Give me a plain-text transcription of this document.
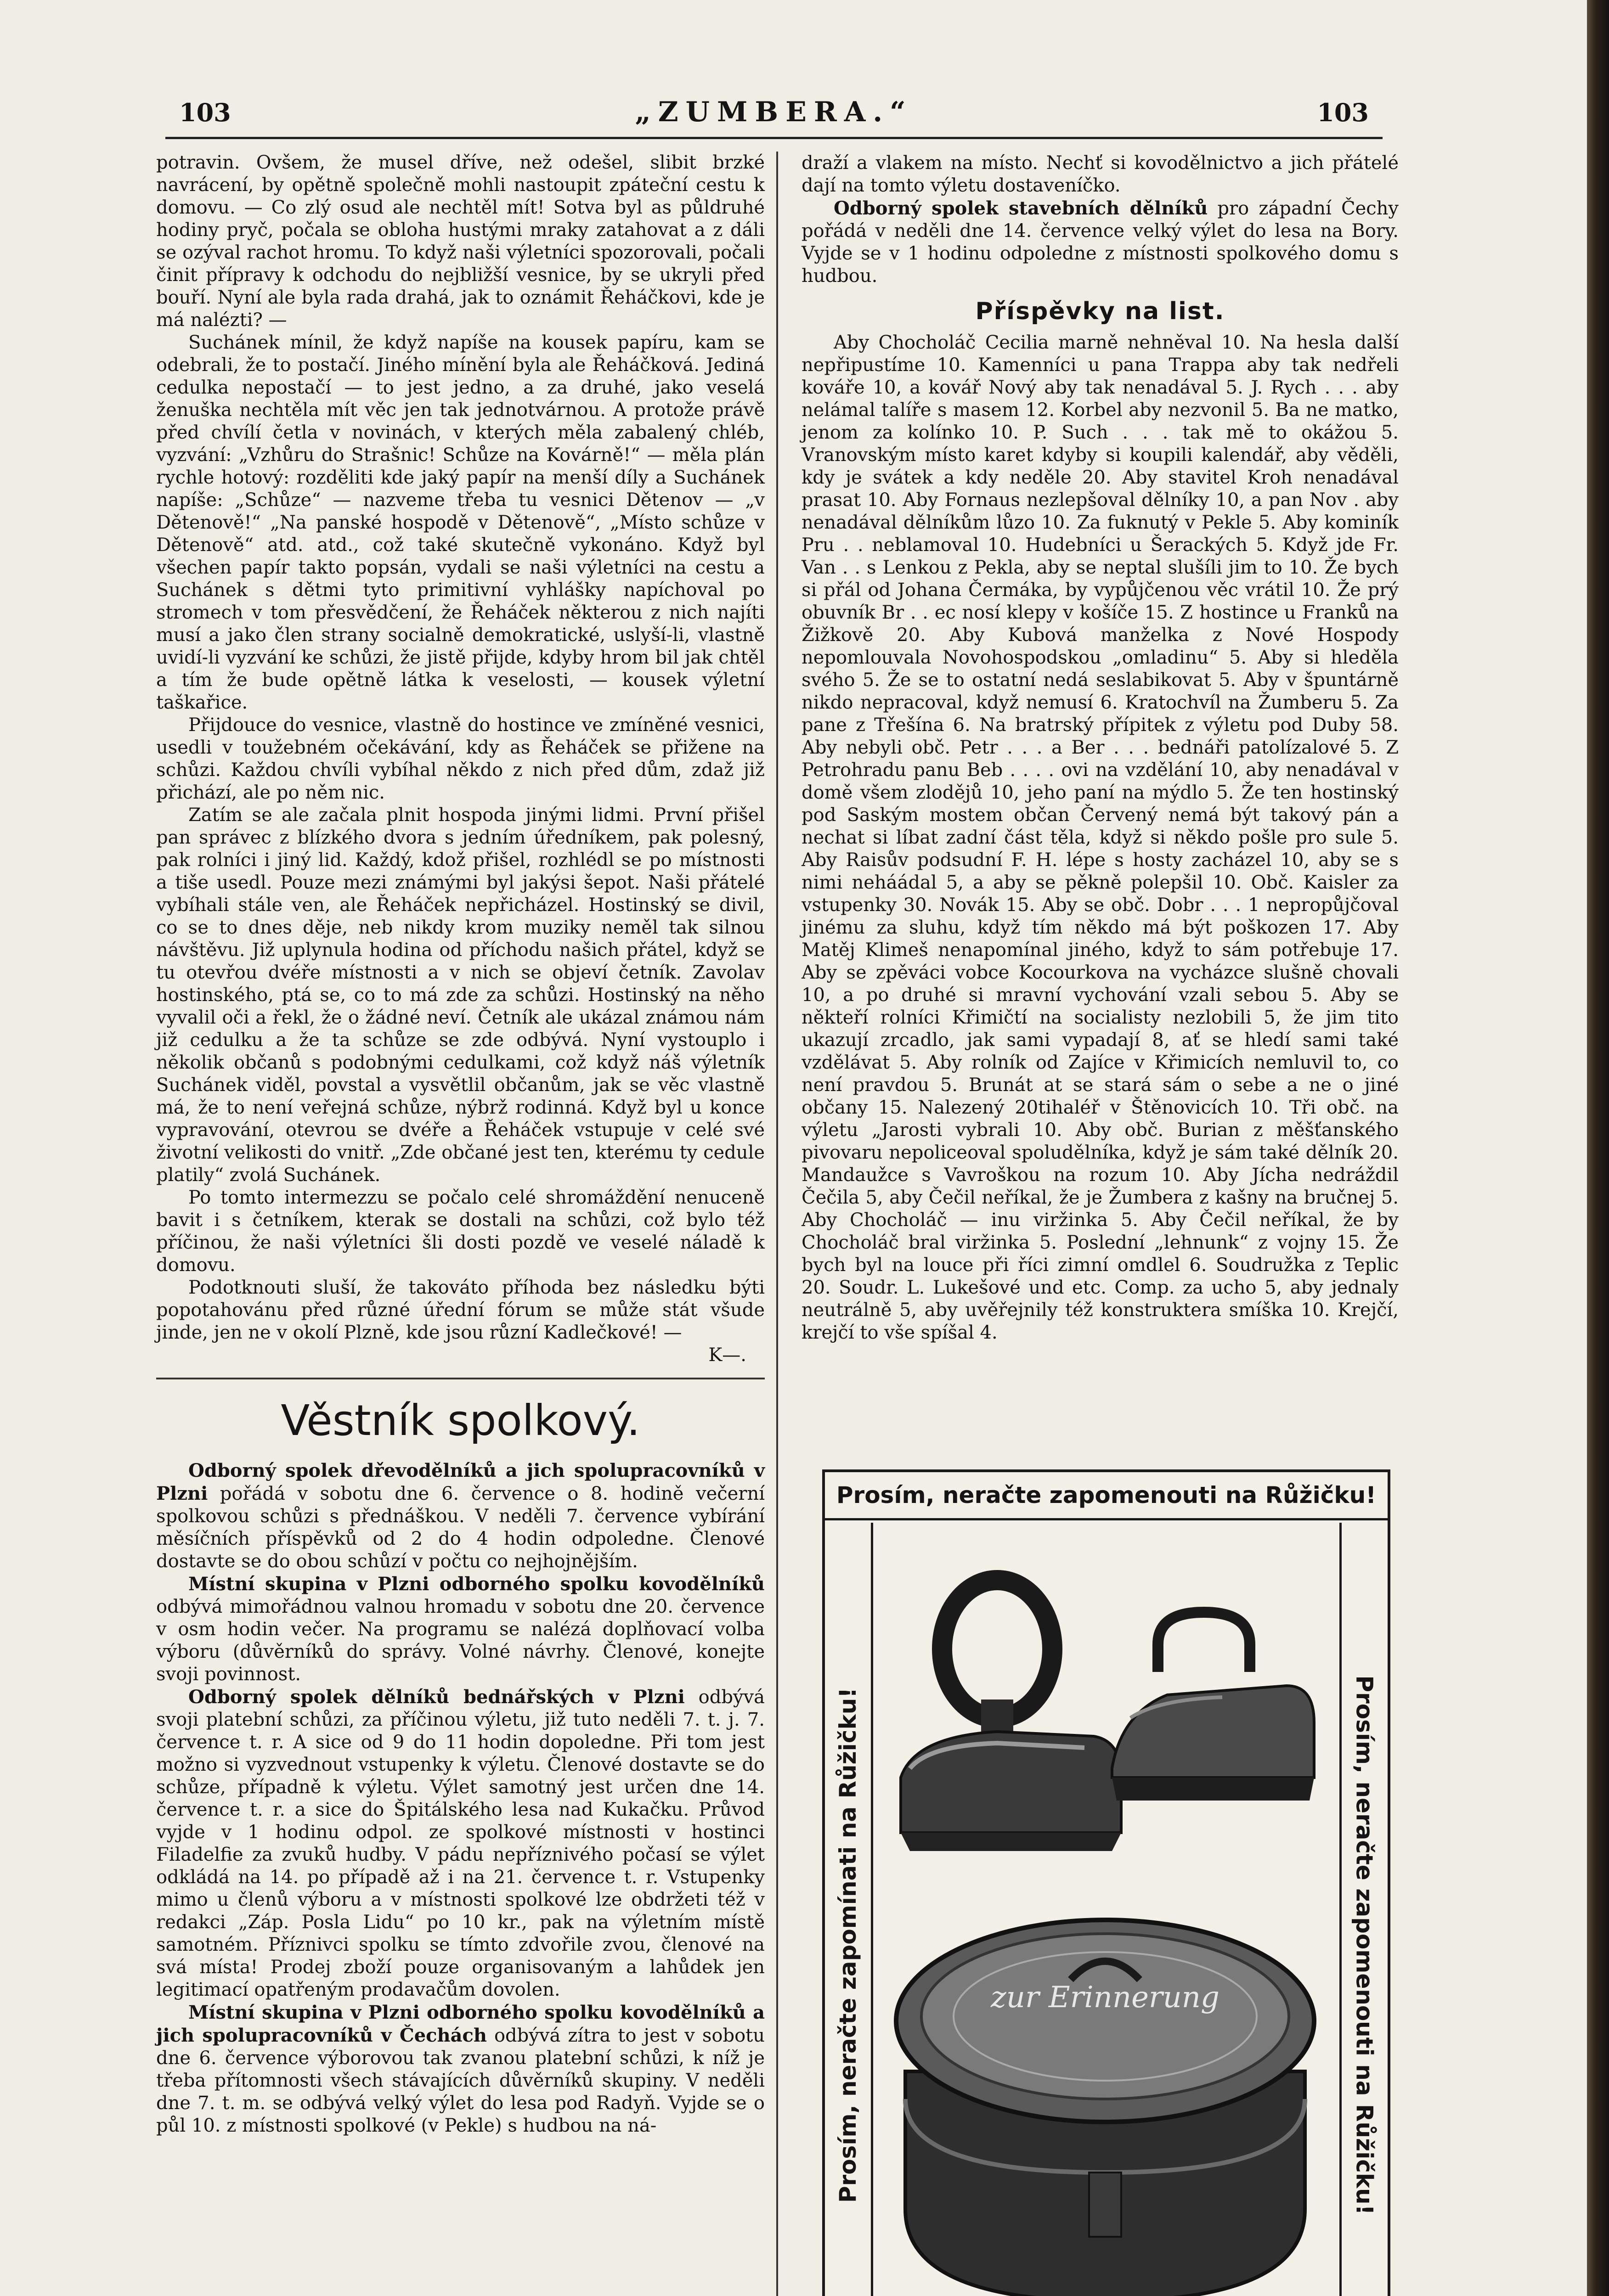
103	„ZUMBERA.“	103

potravin. Ovšem, že musel dříve, než odešel, slibit brzké navrácení, by opětně společně mohli nastoupit zpáteční cestu k domovu. — Co zlý osud ale nechtěl mít! Sotva byl as půldruhé hodiny pryč, počala se obloha hustými mraky zatahovat a z dáli se ozýval rachot hromu. To když naši výletníci spozorovali, počali činit přípravy k odchodu do nejbližší vesnice, by se ukryli před bouří. Nyní ale byla rada drahá, jak to oznámit Řeháčkovi, kde je má nalézti? —

Suchánek mínil, že když napíše na kousek papíru, kam se odebrali, že to postačí. Jiného mínění byla ale Řeháčková. Jediná cedulka nepostačí — to jest jedno, a za druhé, jako veselá ženuška nechtěla mít věc jen tak jednotvárnou. A protože právě před chvílí četla v novinách, v kterých měla zabalený chléb, vyzvání: „Vzhůru do Strašnic! Schůze na Kovárně!“ — měla plán rychle hotový: rozděliti kde jaký papír na menší díly a Suchánek napíše: „Schůze“ — nazveme třeba tu vesnici Dětenov — „v Dětenově!“ „Na panské hospodě v Dětenově“, „Místo schůze v Dětenově“ atd. atd., což také skutečně vykonáno. Když byl všechen papír takto popsán, vydali se naši výletníci na cestu a Suchánek s dětmi tyto primitivní vyhlášky napíchoval po stromech v tom přesvědčení, že Řeháček některou z nich najíti musí a jako člen strany socialně demokratické, uslyší-li, vlastně uvidí-li vyzvání ke schůzi, že jistě přijde, kdyby hrom bil jak chtěl a tím že bude opětně látka k veselosti, — kousek výletní taškařice.

Přijdouce do vesnice, vlastně do hostince ve zmíněné vesnici, usedli v toužebném očekávání, kdy as Řeháček se přižene na schůzi. Každou chvíli vybíhal někdo z nich před dům, zdaž již přichází, ale po něm nic.

Zatím se ale začala plnit hospoda jinými lidmi. První přišel pan správec z blízkého dvora s jedním úředníkem, pak polesný, pak rolníci i jiný lid. Každý, kdož přišel, rozhlédl se po místnosti a tiše usedl. Pouze mezi známými byl jakýsi šepot. Naši přátelé vybíhali stále ven, ale Řeháček nepřicházel. Hostinský se divil, co se to dnes děje, neb nikdy krom muziky neměl tak silnou návštěvu. Již uplynula hodina od příchodu našich přátel, když se tu otevřou dvéře místnosti a v nich se objeví četník. Zavolav hostinského, ptá se, co to má zde za schůzi. Hostinský na něho vyvalil oči a řekl, že o žádné neví. Četník ale ukázal známou nám již cedulku a že ta schůze se zde odbývá. Nyní vystouplo i několik občanů s podobnými cedulkami, což když náš výletník Suchánek viděl, povstal a vysvětlil občanům, jak se věc vlastně má, že to není veřejná schůze, nýbrž rodinná. Když byl u konce vypravování, otevrou se dvéře a Řeháček vstupuje v celé své životní velikosti do vnitř. „Zde občané jest ten, kterému ty cedule platily“ zvolá Suchánek.

Po tomto intermezzu se počalo celé shromáždění nenuceně bavit i s četníkem, kterak se dostali na schůzi, což bylo též příčinou, že naši výletníci šli dosti pozdě ve veselé náladě k domovu.

Podotknouti sluší, že takováto příhoda bez následku býti popotahovánu před různé úřední fórum se může stát všude jinde, jen ne v okolí Plzně, kde jsou různí Kadlečkové! —

K—.
Věstník spolkový.

Odborný spolek dřevodělníků a jich spolupracovníků v Plzni pořádá v sobotu dne 6. července o 8. hodině večerní spolkovou schůzi s přednáškou. V neděli 7. července vybírání měsíčních příspěvků od 2 do 4 hodin odpoledne. Členové dostavte se do obou schůzí v počtu co nejhojnějším.

Místní skupina v Plzni odborného spolku kovodělníků odbývá mimořádnou valnou hromadu v sobotu dne 20. července v osm hodin večer. Na programu se nalézá doplňovací volba výboru (důvěrníků do správy. Volné návrhy. Členové, konejte svoji povinnost.

Odborný spolek dělníků bednářských v Plzni odbývá svoji platební schůzi, za příčinou výletu, již tuto neděli 7. t. j. 7. července t. r. A sice od 9 do 11 hodin dopoledne. Při tom jest možno si vyzvednout vstupenky k výletu. Členové dostavte se do schůze, případně k výletu. Výlet samotný jest určen dne 14. července t. r. a sice do Špitálského lesa nad Kukačku. Průvod vyjde v 1 hodinu odpol. ze spolkové místnosti v hostinci Filadelfie za zvuků hudby. V pádu nepříznivého počasí se výlet odkládá na 14. po případě až i na 21. července t. r. Vstupenky mimo u členů výboru a v místnosti spolkové lze obdržeti též v redakci „Záp. Posla Lidu“ po 10 kr., pak na výletním místě samotném. Příznivci spolku se tímto zdvořile zvou, členové na svá místa! Prodej zboží pouze organisovaným a lahůdek jen legitimací opatřeným prodavačům dovolen.

Místní skupina v Plzni odborného spolku kovodělníků a jich spolupracovníků v Čechách odbývá zítra to jest v sobotu dne 6. července výborovou tak zvanou platební schůzi, k níž je třeba přítomnosti všech stávajících důvěrníků skupiny. V neděli dne 7. t. m. se odbývá velký výlet do lesa pod Radyň. Vyjde se o půl 10. z místnosti spolkové (v Pekle) s hudbou na ná-

draží a vlakem na místo. Nechť si kovodělnictvo a jich přátelé dají na tomto výletu dostaveníčko.

Odborný spolek stavebních dělníků pro západní Čechy pořádá v neděli dne 14. července velký výlet do lesa na Bory. Vyjde se v 1 hodinu odpoledne z místnosti spolkového domu s hudbou.

Příspěvky na list.

Aby Chocholáč Cecilia marně nehněval 10. Na hesla další nepřipustíme 10. Kamenníci u pana Trappa aby tak nedřeli kováře 10, a kovář Nový aby tak nenadával 5. J. Rych . . . aby nelámal talíře s masem 12. Korbel aby nezvonil 5. Ba ne matko, jenom za kolínko 10. P. Such . . . tak mě to okážou 5. Vranovským místo karet kdyby si koupili kalendář, aby věděli, kdy je svátek a kdy neděle 20. Aby stavitel Kroh nenadával prasat 10. Aby Fornaus nezlepšoval dělníky 10, a pan Nov . aby nenadával dělníkům lůzo 10. Za fuknutý v Pekle 5. Aby kominík Pru . . neblamoval 10. Hudebníci u Šerackých 5. Když jde Fr. Van . . s Lenkou z Pekla, aby se neptal slušíli jim to 10. Že bych si přál od Johana Čermáka, by vypůjčenou věc vrátil 10. Že prý obuvník Br . . ec nosí klepy v košíče 15. Z hostince u Franků na Žižkově 20. Aby Kubová manželka z Nové Hospody nepomlouvala Novohospodskou „omladinu“ 5. Aby si hleděla svého 5. Že se to ostatní nedá seslabikovat 5. Aby v špuntárně nikdo nepracoval, když nemusí 6. Kratochvíl na Žumberu 5. Za pane z Třešína 6. Na bratrský přípitek z výletu pod Duby 58. Aby nebyli obč. Petr . . . a Ber . . . bednáři patolízalové 5. Z Petrohradu panu Beb . . . . ovi na vzdělání 10, aby nenadával v domě všem zlodějů 10, jeho paní na mýdlo 5. Že ten hostinský pod Saským mostem občan Červený nemá být takový pán a nechat si líbat zadní část těla, když si někdo pošle pro sule 5. Aby Raisův podsudní F. H. lépe s hosty zacházel 10, aby se s nimi neháádal 5, a aby se pěkně polepšil 10. Obč. Kaisler za vstupenky 30. Novák 15. Aby se obč. Dobr . . . 1 nepropůjčoval jinému za sluhu, když tím někdo má být poškozen 17. Aby Matěj Klimeš nenapomínal jiného, když to sám potřebuje 17. Aby se zpěváci vobce Kocourkova na vycházce slušně chovali 10, a po druhé si mravní vychování vzali sebou 5. Aby se někteří rolníci Křimičtí na socialisty nezlobili 5, že jim tito ukazují zrcadlo, jak sami vypadají 8, ať se hledí sami také vzdělávat 5. Aby rolník od Zajíce v Křimicích nemluvil to, co není pravdou 5. Brunát at se stará sám o sebe a ne o jiné občany 15. Nalezený 20tihaléř v Štěnovicích 10. Tři obč. na výletu „Jarosti vybrali 10. Aby obč. Burian z měšťanského pivovaru nepoliceoval spoludělníka, když je sám také dělník 20. Mandaužce s Vavroškou na rozum 10. Aby Jícha nedráždil Čečila 5, aby Čečil neříkal, že je Žumbera z kašny na bručnej 5. Aby Chocholáč — inu viržinka 5. Aby Čečil neříkal, že by Chocholáč bral viržinka 5. Poslední „lehnunk“ z vojny 15. Že bych byl na louce při říci zimní omdlel 6. Soudružka z Teplic 20. Soudr. L. Lukešové und etc. Comp. za ucho 5, aby jednaly neutrálně 5, aby uvěřejnily též konstruktera smíška 10. Krejčí, krejčí to vše spíšal 4.

Prosím, neračte zapomenouti na Růžičku!
Prosím, neračte zapomínati na Růžičku!	Prosím, neračte zapomenouti na Růžičku!
zur Erinnerung
